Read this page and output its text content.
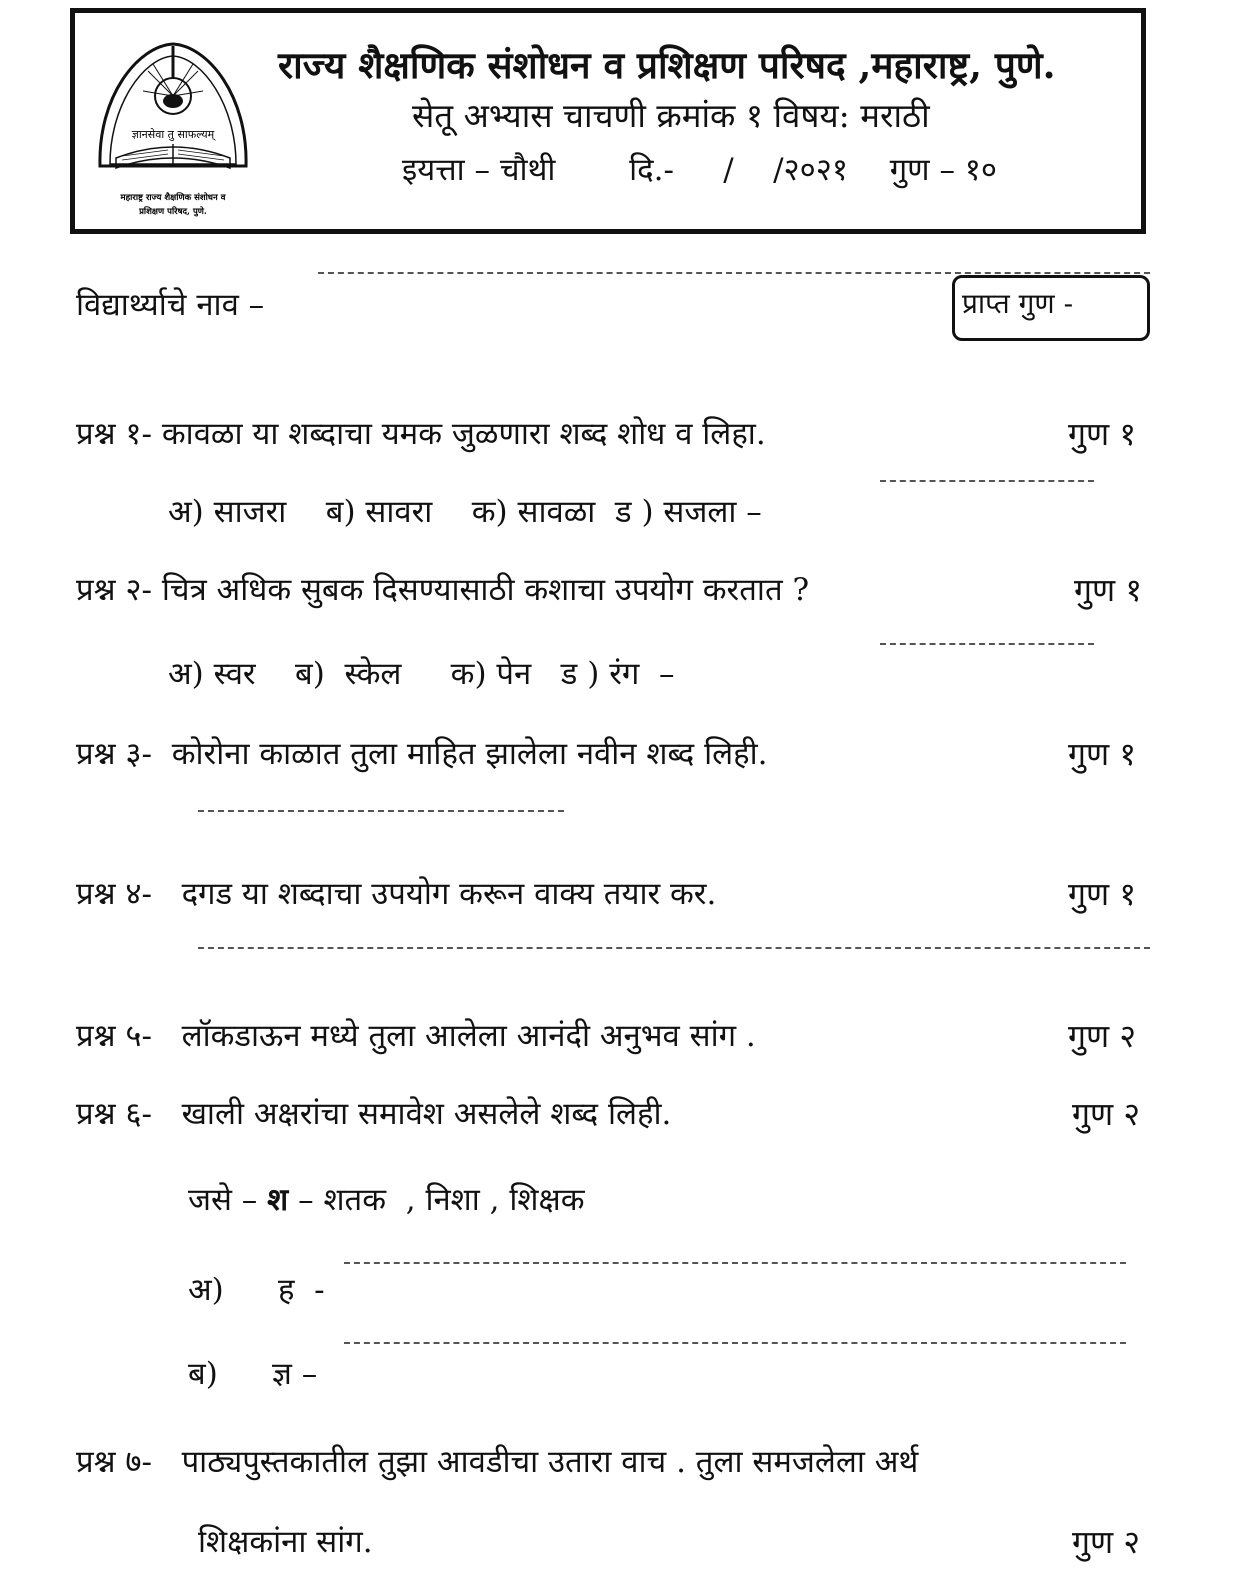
ज्ञानसेवा तु साफल्यम्
महाराष्ट्र राज्य शैक्षणिक संशोधन व
प्रशिक्षण परिषद, पुणे.
राज्य शैक्षणिक संशोधन व प्रशिक्षण परिषद ,महाराष्ट्र, पुणे.
सेतू अभ्यास चाचणी क्रमांक १ विषय: मराठी
इयत्ता – चौथी दि.-     /    /२०२१ गुण – १०
विद्यार्थ्याचे नाव –	प्राप्त गुण -
प्रश्न १- कावळा या शब्दाचा यमक जुळणारा शब्द शोध व लिहा.	गुण १
अ) साजरा    ब) सावरा    क) सावळा  ड ) सजला –
प्रश्न २- चित्र अधिक सुबक दिसण्यासाठी कशाचा उपयोग करतात ?	गुण १
अ) स्वर    ब)  स्केल     क) पेन   ड ) रंग  –
प्रश्न ३-  कोरोना काळात तुला माहित झालेला नवीन शब्द लिही.	गुण १
प्रश्न ४-   दगड या शब्दाचा उपयोग करून वाक्य तयार कर.	गुण १
प्रश्न ५-   लॉकडाऊन मध्ये तुला आलेला आनंदी अनुभव सांग .	गुण २
प्रश्न ६-   खाली अक्षरांचा समावेश असलेले शब्द लिही.	गुण २
जसे – श – शतक  , निशा , शिक्षक
अ) ह  -
ब) ज्ञ –
प्रश्न ७-   पाठ्यपुस्तकातील तुझा आवडीचा उतारा वाच . तुला समजलेला अर्थ
शिक्षकांना सांग.	गुण २
